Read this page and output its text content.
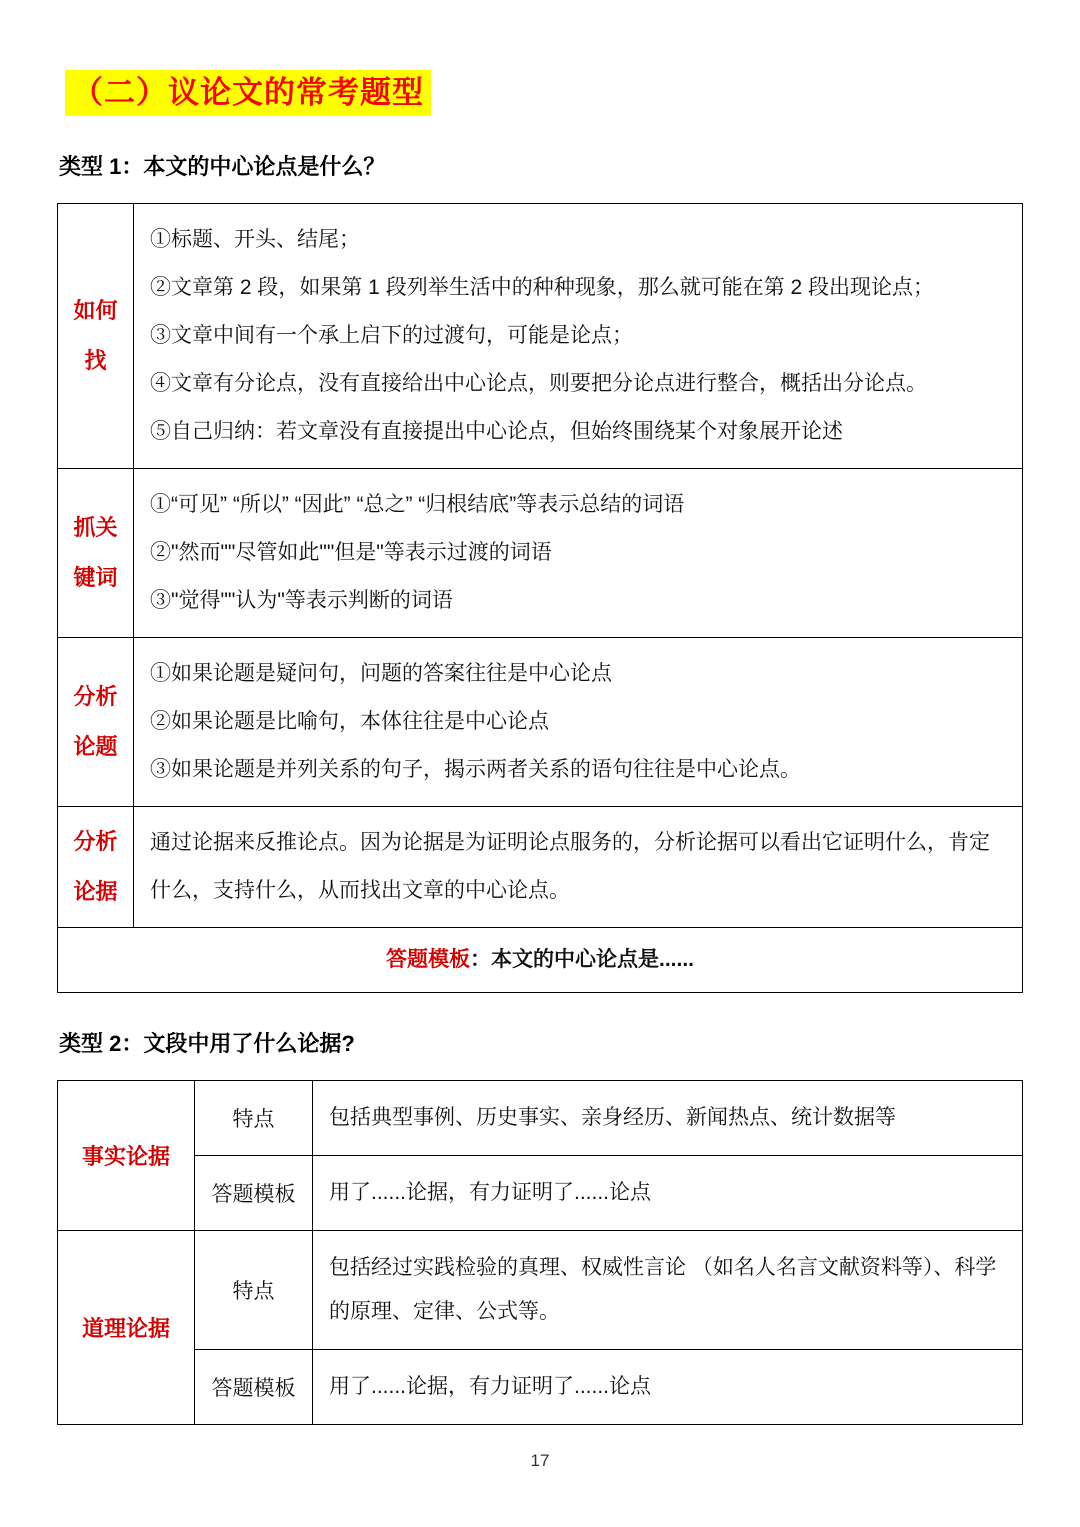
（二）议论文的常考题型
类型 1：本文的中心论点是什么？
如何找	①标题、开头、结尾；
②文章第 2 段，如果第 1 段列举生活中的种种现象，那么就可能在第 2 段出现论点；
③文章中间有一个承上启下的过渡句，可能是论点；
④文章有分论点，没有直接给出中心论点，则要把分论点进行整合，概括出分论点。
⑤自己归纳：若文章没有直接提出中心论点，但始终围绕某个对象展开论述

抓关键词	①“可见” “所以” “因此” “总之” “归根结底”等表示总结的词语
②"然而""尽管如此""但是"等表示过渡的词语
③"觉得""认为"等表示判断的词语

分析论题	①如果论题是疑问句，问题的答案往往是中心论点
②如果论题是比喻句，本体往往是中心论点
③如果论题是并列关系的句子，揭示两者关系的语句往往是中心论点。

分析论据	通过论据来反推论点。因为论据是为证明论点服务的，分析论据可以看出它证明什么，肯定什么，支持什么，从而找出文章的中心论点。

答题模板：本文的中心论点是......	
类型 2：文段中用了什么论据?
事实论据	特点	包括典型事例、历史事实、亲身经历、新闻热点、统计数据等
	答题模板	用了......论据，有力证明了......论点
道理论据	特点	包括经过实践检验的真理、权威性言论 （如名人名言文献资料等）、科学的原理、定律、公式等。
	答题模板	用了......论据，有力证明了......论点
17
